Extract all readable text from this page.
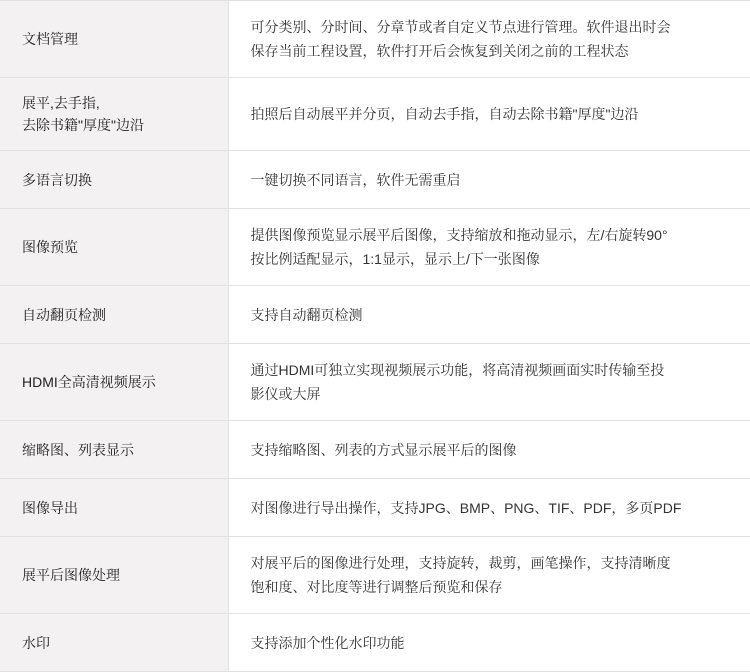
文档管理	可分类别、分时间、分章节或者自定义节点进行管理。软件退出时会
保存当前工程设置，软件打开后会恢复到关闭之前的工程状态

展平,去手指,
去除书籍"厚度"边沿	拍照后自动展平并分页，自动去手指，自动去除书籍"厚度"边沿

多语言切换	一键切换不同语言，软件无需重启

图像预览	提供图像预览显示展平后图像，支持缩放和拖动显示，左/右旋转90°
按比例适配显示，1:1显示，显示上/下一张图像

自动翻页检测	支持自动翻页检测

HDMI全高清视频展示	通过HDMI可独立实现视频展示功能，将高清视频画面实时传输至投
影仪或大屏

缩略图、列表显示	支持缩略图、列表的方式显示展平后的图像

图像导出	对图像进行导出操作，支持JPG、BMP、PNG、TIF、PDF，多页PDF

展平后图像处理	对展平后的图像进行处理，支持旋转，裁剪，画笔操作，支持清晰度
饱和度、对比度等进行调整后预览和保存

水印	支持添加个性化水印功能
